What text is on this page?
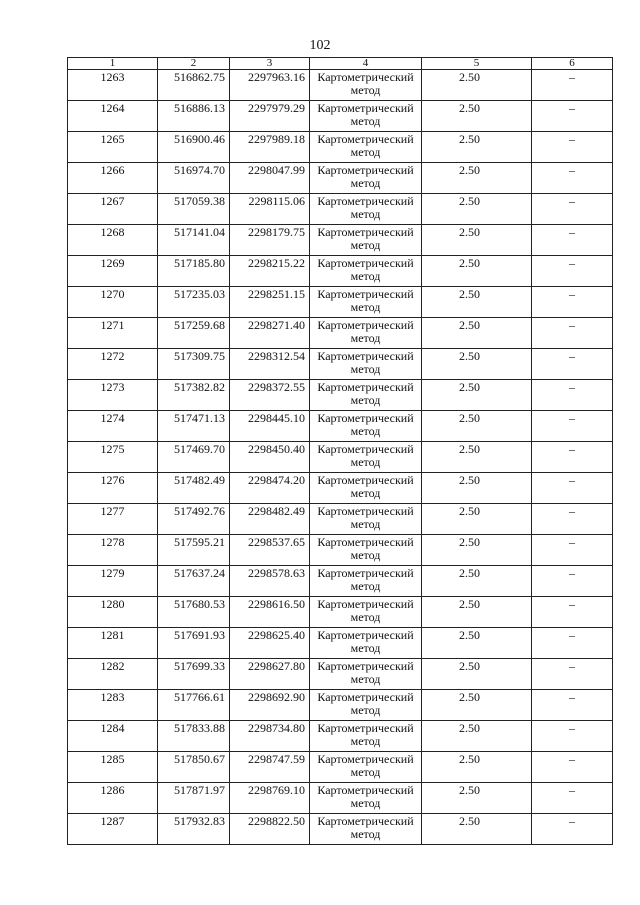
102
1	2	3	4	5	6
1263	516862.75	2297963.16	Картометрический
метод	2.50	–
1264	516886.13	2297979.29	Картометрический
метод	2.50	–
1265	516900.46	2297989.18	Картометрический
метод	2.50	–
1266	516974.70	2298047.99	Картометрический
метод	2.50	–
1267	517059.38	2298115.06	Картометрический
метод	2.50	–
1268	517141.04	2298179.75	Картометрический
метод	2.50	–
1269	517185.80	2298215.22	Картометрический
метод	2.50	–
1270	517235.03	2298251.15	Картометрический
метод	2.50	–
1271	517259.68	2298271.40	Картометрический
метод	2.50	–
1272	517309.75	2298312.54	Картометрический
метод	2.50	–
1273	517382.82	2298372.55	Картометрический
метод	2.50	–
1274	517471.13	2298445.10	Картометрический
метод	2.50	–
1275	517469.70	2298450.40	Картометрический
метод	2.50	–
1276	517482.49	2298474.20	Картометрический
метод	2.50	–
1277	517492.76	2298482.49	Картометрический
метод	2.50	–
1278	517595.21	2298537.65	Картометрический
метод	2.50	–
1279	517637.24	2298578.63	Картометрический
метод	2.50	–
1280	517680.53	2298616.50	Картометрический
метод	2.50	–
1281	517691.93	2298625.40	Картометрический
метод	2.50	–
1282	517699.33	2298627.80	Картометрический
метод	2.50	–
1283	517766.61	2298692.90	Картометрический
метод	2.50	–
1284	517833.88	2298734.80	Картометрический
метод	2.50	–
1285	517850.67	2298747.59	Картометрический
метод	2.50	–
1286	517871.97	2298769.10	Картометрический
метод	2.50	–
1287	517932.83	2298822.50	Картометрический
метод	2.50	–
